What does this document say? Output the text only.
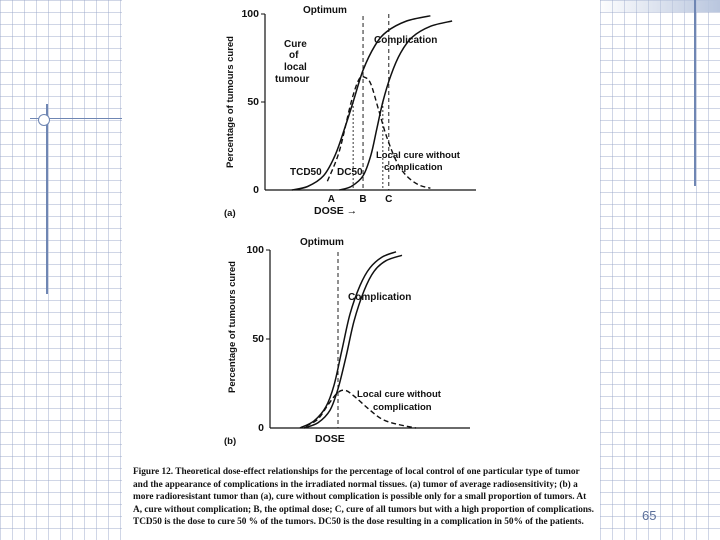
Percentage of tumours cured
0
50
100	Optimum
Cure
of
local
tumour
Complication
Local cure without
complication
TCD50 DC50
A B C
DOSE →
(a)
Percentage of tumours cured
0
50
100
Optimum
Complication
Local cure without
complication
DOSE
(b)
Figure 12. Theoretical dose-effect relationships for the percentage of local control of one particular type of tumor and the appearance of complications in the irradiated normal tissues. (a) tumor of average radiosensitivity; (b) a more radioresistant tumor than (a), cure without complication is possible only for a small proportion of tumors. At A, cure without complication; B, the optimal dose; C, cure of all tumors but with a high proportion of complications. TCD50 is the dose to cure 50 % of the tumors. DC50 is the dose resulting in a complication in 50% of the patients.	65
